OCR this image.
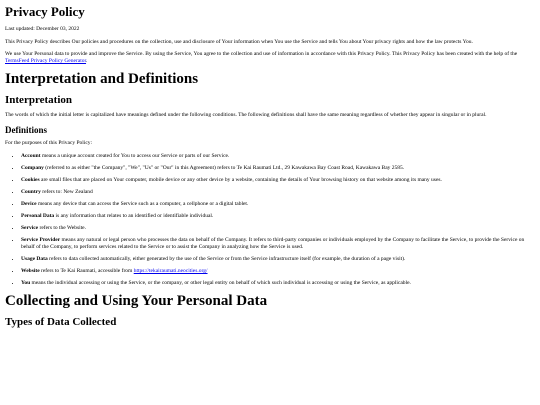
Privacy Policy

Last updated: December 03, 2022

This Privacy Policy describes Our policies and procedures on the collection, use and disclosure of Your information when You use the Service and tells You about Your privacy rights and how the law protects You.

We use Your Personal data to provide and improve the Service. By using the Service, You agree to the collection and use of information in accordance with this Privacy Policy. This Privacy Policy has been created with the help of the TermsFeed Privacy Policy Generator.

Interpretation and Definitions
Interpretation

The words of which the initial letter is capitalized have meanings defined under the following conditions. The following definitions shall have the same meaning regardless of whether they appear in singular or in plural.

Definitions

For the purposes of this Privacy Policy:

• Account means a unique account created for You to access our Service or parts of our Service.
• Company (referred to as either "the Company", "We", "Us" or "Our" in this Agreement) refers to Te Kai Raumati Ltd., 29 Kawakawa Bay Coast Road, Kawakawa Bay 2585.
• Cookies are small files that are placed on Your computer, mobile device or any other device by a website, containing the details of Your browsing history on that website among its many uses.
• Country refers to: New Zealand
• Device means any device that can access the Service such as a computer, a cellphone or a digital tablet.
• Personal Data is any information that relates to an identified or identifiable individual.
• Service refers to the Website.
• Service Provider means any natural or legal person who processes the data on behalf of the Company. It refers to third-party companies or individuals employed by the Company to facilitate the Service, to provide the Service on behalf of the Company, to perform services related to the Service or to assist the Company in analyzing how the Service is used.
• Usage Data refers to data collected automatically, either generated by the use of the Service or from the Service infrastructure itself (for example, the duration of a page visit).
• Website refers to Te Kai Raumati, accessible from https://tekairaumati.neocities.org/
• You means the individual accessing or using the Service, or the company, or other legal entity on behalf of which such individual is accessing or using the Service, as applicable.
Collecting and Using Your Personal Data
Types of Data Collected
